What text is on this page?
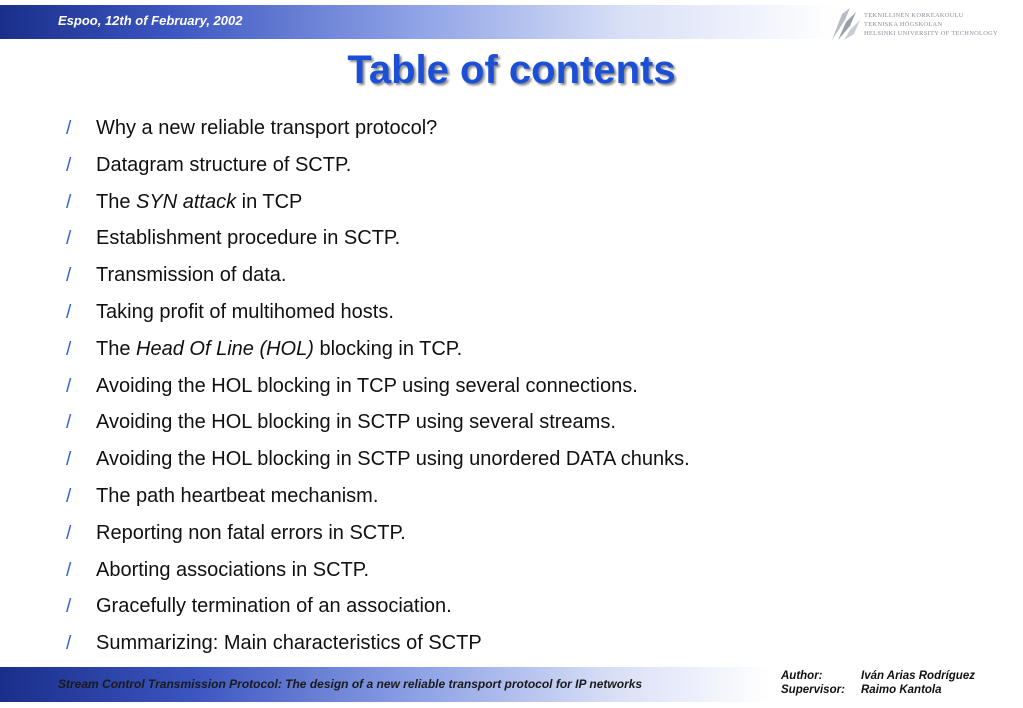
Espoo, 12th of February, 2002	TEKNILLINEN KORKEAKOULU
TEKNISKA HÖGSKOLAN
HELSINKI UNIVERSITY OF TECHNOLOGY
Table of contents
/ Why a new reliable transport protocol?
/ Datagram structure of SCTP.
/ The SYN attack in TCP
/ Establishment procedure in SCTP.
/ Transmission of data.
/ Taking profit of multihomed hosts.
/ The Head Of Line (HOL) blocking in TCP.
/ Avoiding the HOL blocking in TCP using several connections.
/ Avoiding the HOL blocking in SCTP using several streams.
/ Avoiding the HOL blocking in SCTP using unordered DATA chunks.
/ The path heartbeat mechanism.
/ Reporting non fatal errors in SCTP.
/ Aborting associations in SCTP.
/ Gracefully termination of an association.
/ Summarizing: Main characteristics of SCTP
Stream Control Transmission Protocol: The design of a new reliable transport protocol for IP networks
Author:	Iván Arias Rodríguez
Supervisor: Raimo Kantola
